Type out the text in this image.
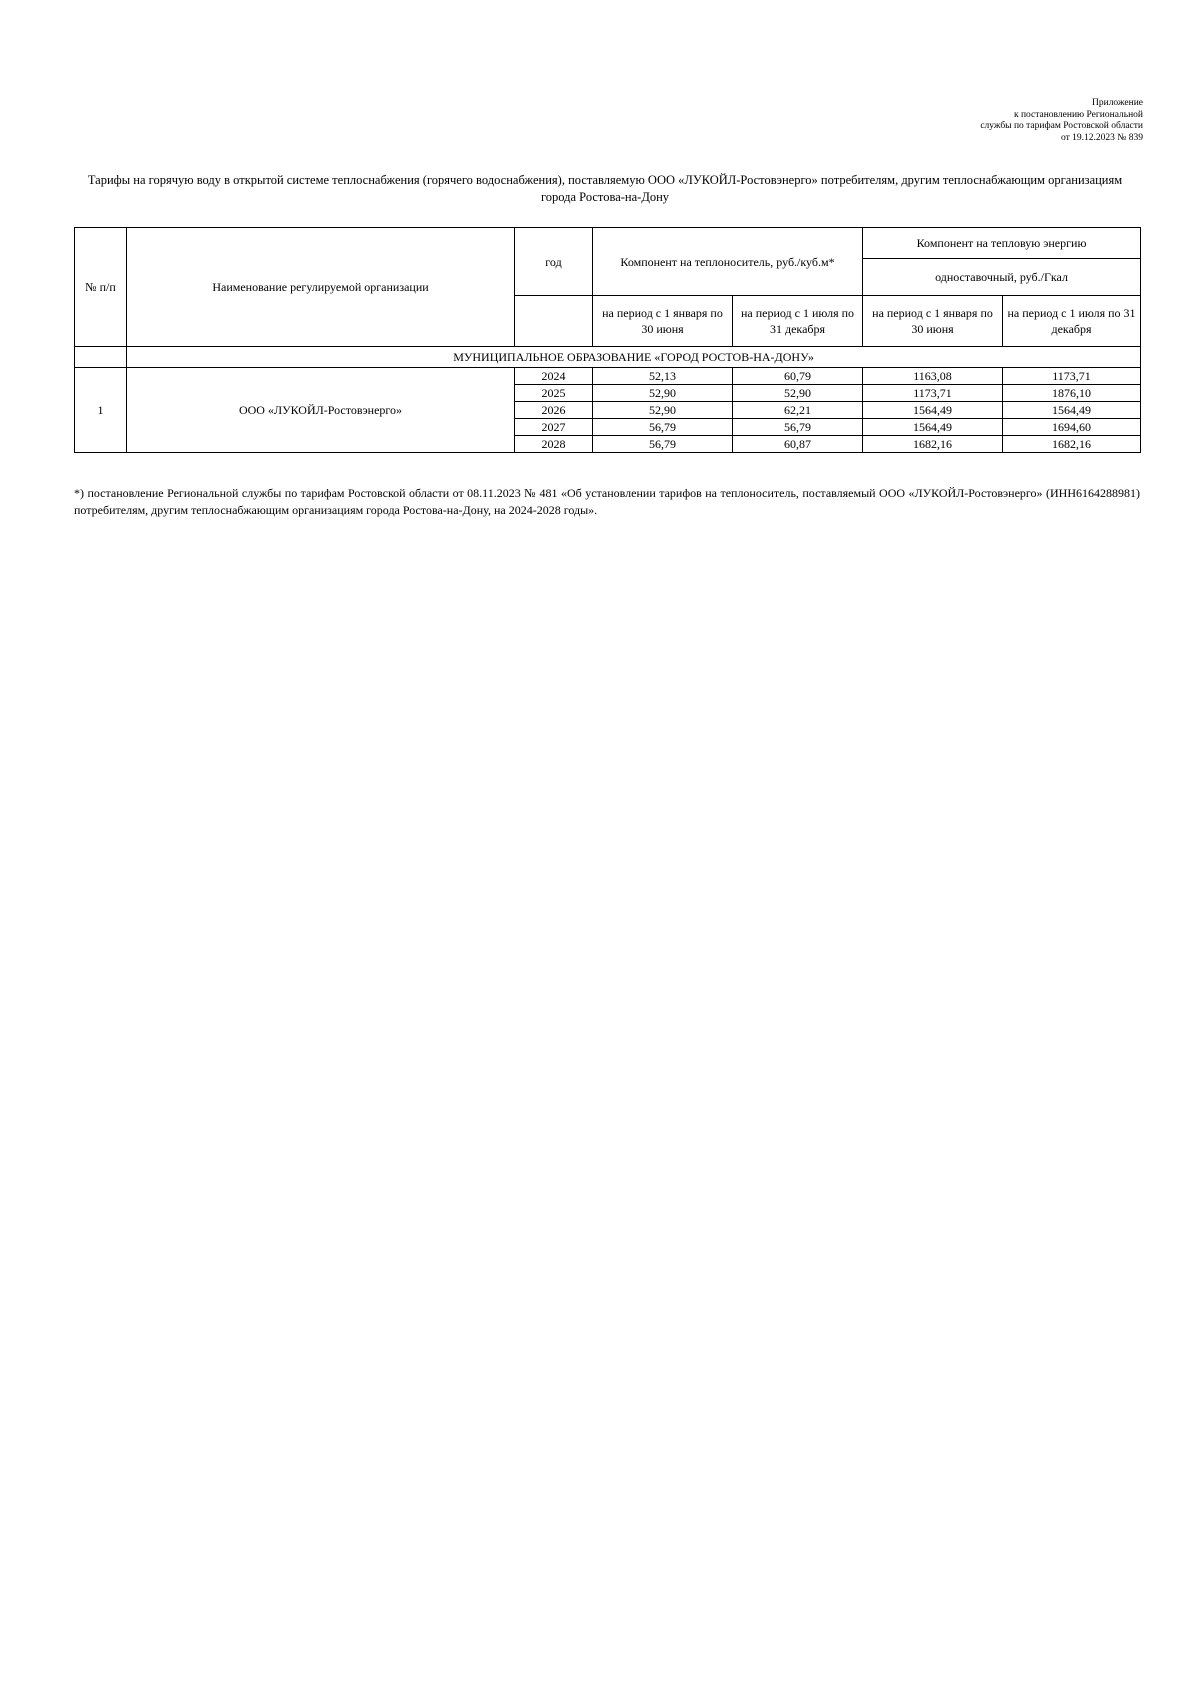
Приложение
к постановлению Региональной
службы по тарифам Ростовской области
от 19.12.2023 № 839
Тарифы на горячую воду в открытой системе теплоснабжения (горячего водоснабжения), поставляемую ООО «ЛУКОЙЛ-Ростовэнерго» потребителям, другим теплоснабжающим организациям города Ростова-на-Дону
№ п/п	Наименование регулируемой организации	год	Компонент на теплоноситель, руб./куб.м*		Компонент на тепловую энергию	
					одноставочный, руб./Гкал	
			на период с 1 января по 30 июня	на период с 1 июля по 31 декабря	на период с 1 января по 30 июня	на период с 1 июля по 31 декабря
	МУНИЦИПАЛЬНОЕ ОБРАЗОВАНИЕ «ГОРОД РОСТОВ-НА-ДОНУ»					
1	ООО «ЛУКОЙЛ-Ростовэнерго»	2024	52,13	60,79	1163,08	1173,71
		2025	52,90	52,90	1173,71	1876,10
		2026	52,90	62,21	1564,49	1564,49
		2027	56,79	56,79	1564,49	1694,60
		2028	56,79	60,87	1682,16	1682,16
*) постановление Региональной службы по тарифам Ростовской области от 08.11.2023 № 481 «Об установлении тарифов на теплоноситель, поставляемый ООО «ЛУКОЙЛ-Ростовэнерго» (ИНН6164288981) потребителям, другим теплоснабжающим организациям города Ростова-на-Дону, на 2024-2028 годы».
